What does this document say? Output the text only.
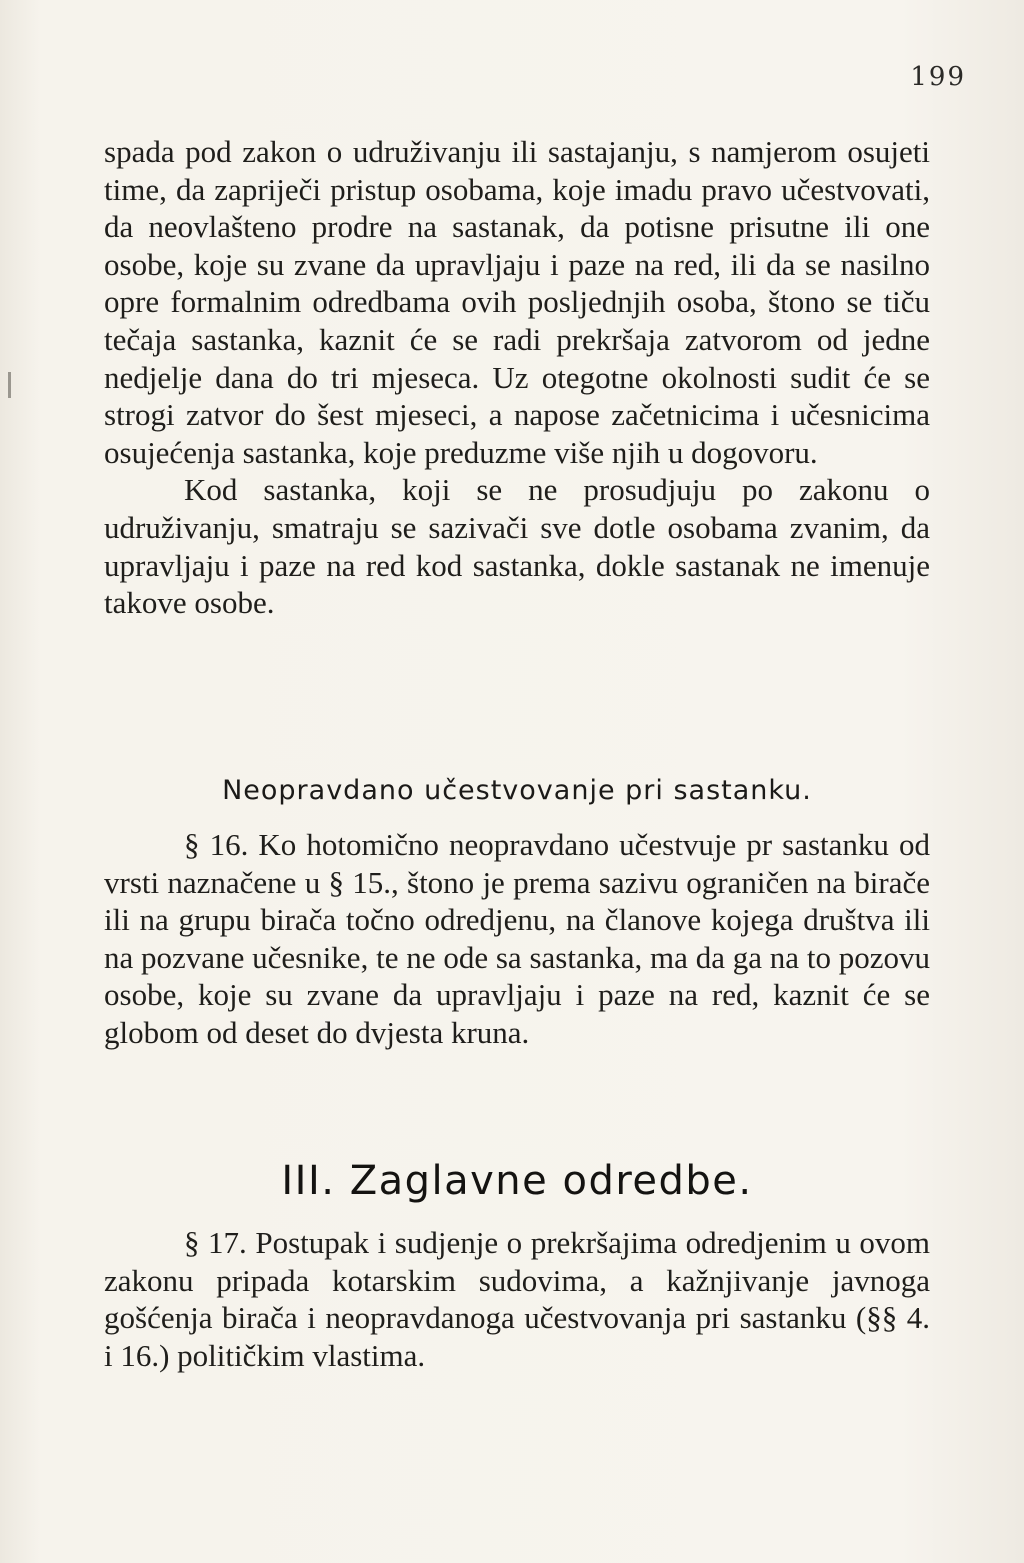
199

spada pod zakon o udruživanju ili sastajanju, s namjerom osujeti time, da zapriječi pristup osobama, koje imadu pravo učestvovati, da neovlašteno prodre na sastanak, da potisne prisutne ili one osobe, koje su zvane da upravljaju i paze na red, ili da se nasilno opre formalnim odredbama ovih posljednjih osoba, štono se tiču tečaja sastanka, kaznit će se radi prekršaja zatvorom od jedne nedjelje dana do tri mjeseca. Uz otegotne okolnosti sudit će se strogi zatvor do šest mjeseci, a napose začetnicima i učesnicima osujećenja sastanka, koje preduzme više njih u dogovoru.

Kod sastanka, koji se ne prosudjuju po zakonu o udruživanju, smatraju se sazivači sve dotle osobama zvanim, da upravljaju i paze na red kod sastanka, dokle sastanak ne imenuje takove osobe.

Neopravdano učestvovanje pri sastanku.

§ 16. Ko hotomično neopravdano učestvuje pr sastanku od vrsti naznačene u § 15., štono je prema sazivu ograničen na birače ili na grupu birača točno odredjenu, na članove kojega društva ili na pozvane učesnike, te ne ode sa sastanka, ma da ga na to pozovu osobe, koje su zvane da upravljaju i paze na red, kaznit će se globom od deset do dvjesta kruna.

III. Zaglavne odredbe.

§ 17. Postupak i sudjenje o prekršajima odredjenim u ovom zakonu pripada kotarskim sudovima, a kažnjivanje javnoga gošćenja birača i neopravdanoga učestvovanja pri sastanku (§§ 4. i 16.) političkim vlastima.
